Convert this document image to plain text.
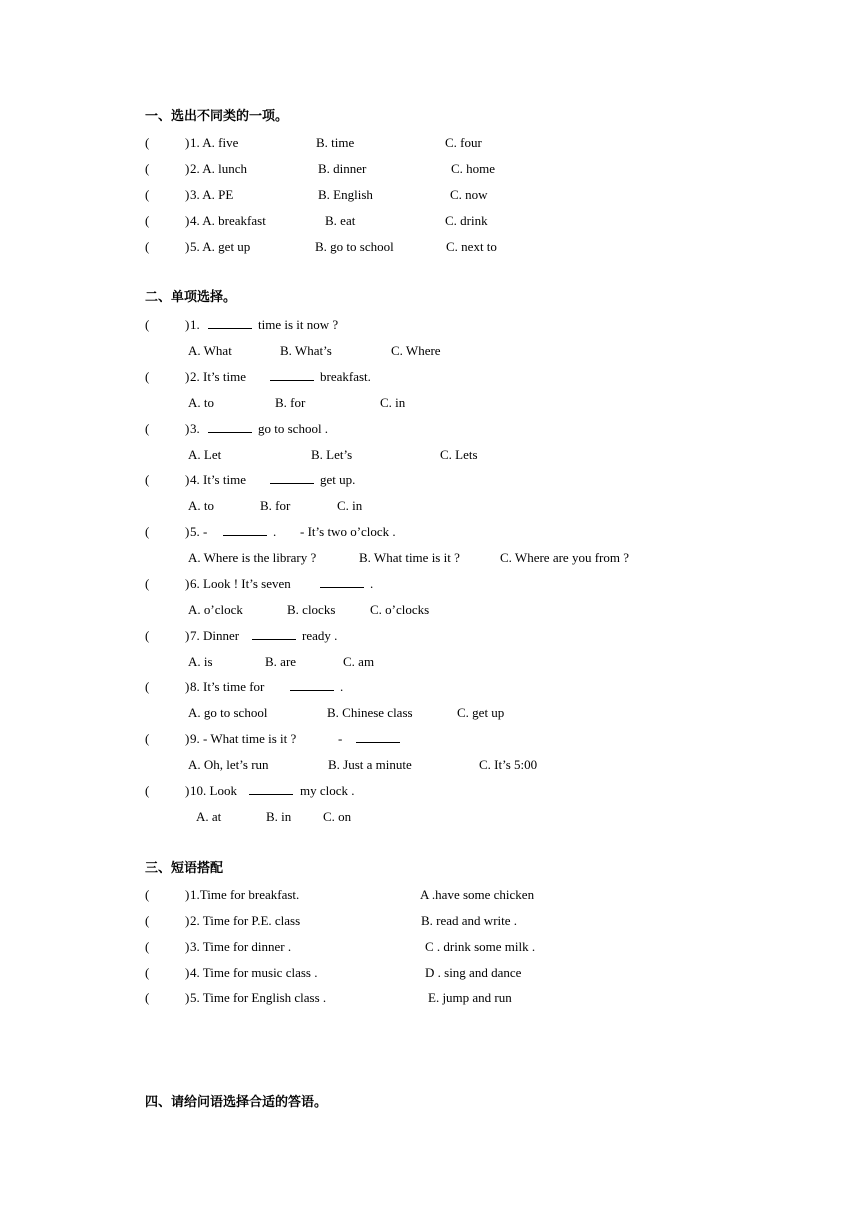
一、选出不同类的一项。
(	) 1. A. five	B. time	C. four
(	) 2. A. lunch	B. dinner	C. home
(	) 3. A. PE	B. English	C. now
(	) 4. A. breakfast	B. eat	C. drink
(	) 5. A. get up	B. go to school	C. next to
二、单项选择。
(	) 1.	time is it now ?
A. What	B. What’s	C. Where
(	) 2. It’s time	breakfast.
A. to	B. for	C. in
(	) 3.	go to school .
A. Let	B. Let’s	C. Lets
(	) 4. It’s time	get up.
A. to	B. for	C. in
(	) 5. -	. - It’s two o’clock .
A. Where is the library ?	B. What time is it ?	C. Where are you from ?
(	) 6. Look ! It’s seven	.
A. o’clock	B. clocks	C. o’clocks
(	) 7. Dinner	ready .
A. is	B. are	C. am
(	) 8. It’s time for	.
A. go to school	B. Chinese class	C. get up
(	) 9. - What time is it ?	-
A. Oh, let’s run	B. Just a minute	C. It’s 5:00
(	) 10. Look	my clock .
A. at	B. in C. on
三、短语搭配
(	) 1.Time for breakfast.	A .have some chicken
(	) 2. Time for P.E. class	B. read and write .
(	) 3. Time for dinner .	C . drink some milk .
(	) 4. Time for music class .	D . sing and dance
(	) 5. Time for English class .	E. jump and run
四、请给问语选择合适的答语。
